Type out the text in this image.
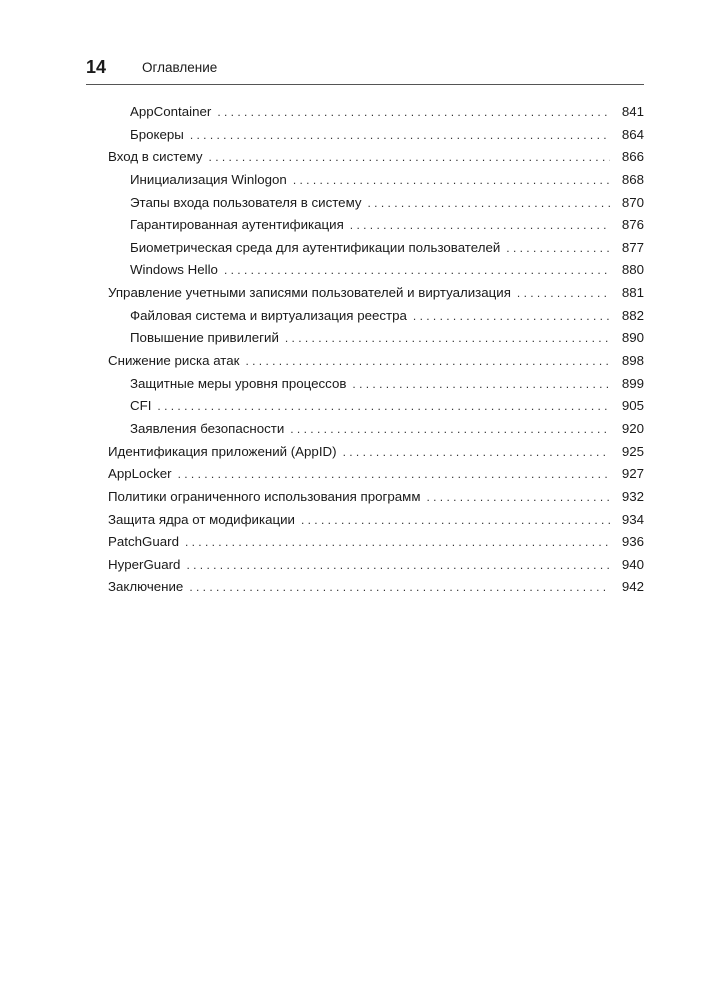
14	Оглавление
AppContainer . . .	841
Брокеры . . .	864
Вход в систему . . .	866
Инициализация Winlogon . . .	868
Этапы входа пользователя в систему . . .	870
Гарантированная аутентификация . . .	876
Биометрическая среда для аутентификации пользователей . . .	877
Windows Hello . . .	880
Управление учетными записями пользователей и виртуализация . . .	881
Файловая система и виртуализация реестра . . .	882
Повышение привилегий . . .	890
Снижение риска атак . . .	898
Защитные меры уровня процессов . . .	899
CFI . . .	905
Заявления безопасности . . .	920
Идентификация приложений (AppID) . . .	925
AppLocker . . .	927
Политики ограниченного использования программ . . .	932
Защита ядра от модификации . . .	934
PatchGuard . . .	936
HyperGuard . . .	940
Заключение . . .	942
